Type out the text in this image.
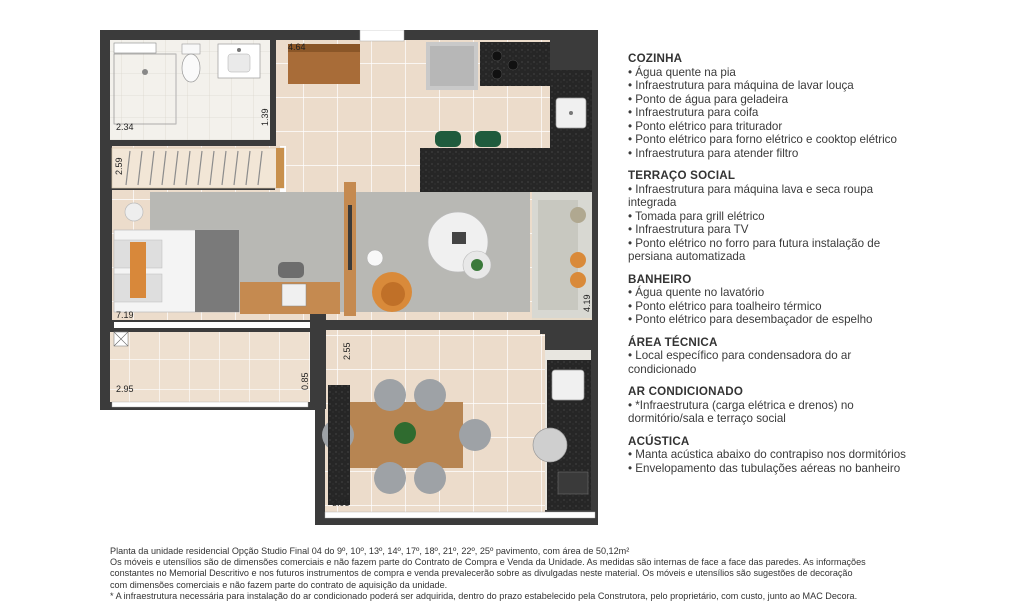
4.64
2.34
1.39
2.59
7.19
4.19
2.95	0.85
2.55
3.95
COZINHA
• Água quente na pia
• Infraestrutura para máquina de lavar louça
• Ponto de água para geladeira
• Infraestrutura para coifa
• Ponto elétrico para triturador
• Ponto elétrico para forno elétrico e cooktop elétrico
• Infraestrutura para atender filtro
TERRAÇO SOCIAL
• Infraestrutura para máquina lava e seca roupa
integrada
• Tomada para grill elétrico
• Infraestrutura para TV
• Ponto elétrico no forro para futura instalação de
persiana automatizada
BANHEIRO
• Água quente no lavatório
• Ponto elétrico para toalheiro térmico
• Ponto elétrico para desembaçador de espelho
ÁREA TÉCNICA
• Local específico para condensadora do ar
condicionado
AR CONDICIONADO
• *Infraestrutura (carga elétrica e drenos) no
dormitório/sala e terraço social
ACÚSTICA
• Manta acústica abaixo do contrapiso nos dormitórios
• Envelopamento das tubulações aéreas no banheiro
Planta da unidade residencial Opção Studio Final 04 do 9º, 10º, 13º, 14º, 17º, 18º, 21º, 22º, 25º pavimento, com área de 50,12m²
Os móveis e utensílios são de dimensões comerciais e não fazem parte do Contrato de Compra e Venda da Unidade. As medidas são internas de face a face das paredes. As informações
constantes no Memorial Descritivo e nos futuros instrumentos de compra e venda prevalecerão sobre as divulgadas neste material. Os móveis e utensílios são sugestões de decoração
com dimensões comerciais e não fazem parte do contrato de aquisição da unidade.
* A infraestrutura necessária para instalação do ar condicionado poderá ser adquirida, dentro do prazo estabelecido pela Construtora, pelo proprietário, com custo, junto ao MAC Decora.
